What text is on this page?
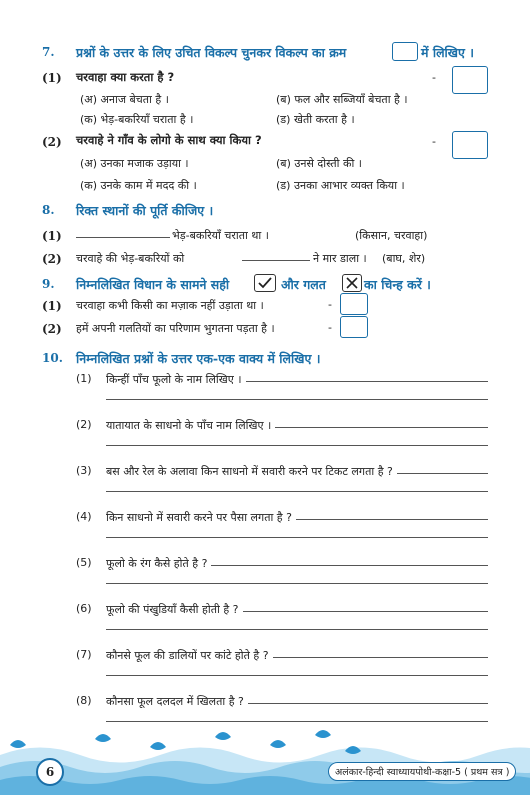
7. प्रश्नों के उत्तर के लिए उचित विकल्प चुनकर विकल्प का क्रम	में लिखिए ।
(1) चरवाहा क्या करता है ?	-
(अ) अनाज बेचता है ।	(ब) फल और सब्जियाँ बेचता है ।
(क) भेड़-बकरियाँ चराता है ।	(ड) खेती करता है ।
(2) चरवाहे ने गाँव के लोगो के साथ क्या किया ?	-
(अ) उनका मजाक उड़ाया ।	(ब) उनसे दोस्ती की ।
(क) उनके काम में मदद की ।	(ड) उनका आभार व्यक्त किया ।
8. रिक्त स्थानों की पूर्ति कीजिए ।
(1)	भेड़-बकरियाँ चराता था ।	(किसान, चरवाहा)
(2) चरवाहे की भेड़-बकरियों को	ने मार डाला । (बाघ, शेर)
9. निम्नलिखित विधान के सामने सही	और गलत	का चिन्ह करें ।
(1) चरवाहा कभी किसी का मज़ाक नहीं उड़ाता था ।	-
(2) हमें अपनी गलतियों का परिणाम भुगतना पड़ता है ।	-
10. निम्नलिखित प्रश्नों के उत्तर एक-एक वाक्य में लिखिए ।
(1) किन्हीं पाँच फूलो के नाम लिखिए ।
(2) यातायात के साधनो के पाँच नाम लिखिए ।
(3) बस और रेल के अलावा किन साधनो में सवारी करने पर टिकट लगता है ?
(4) किन साधनो में सवारी करने पर पैसा लगता है ?
(5) फूलो के रंग कैसे होते है ?
(6) फूलो की पंखुडियाँ कैसी होती है ?
(7) कौनसे फूल की डालियों पर कांटे होते है ?
(8) कौनसा फूल दलदल में खिलता है ?
6	अलंकार-हिन्दी स्वाध्यायपोथी-कक्षा-5 ( प्रथम सत्र )
